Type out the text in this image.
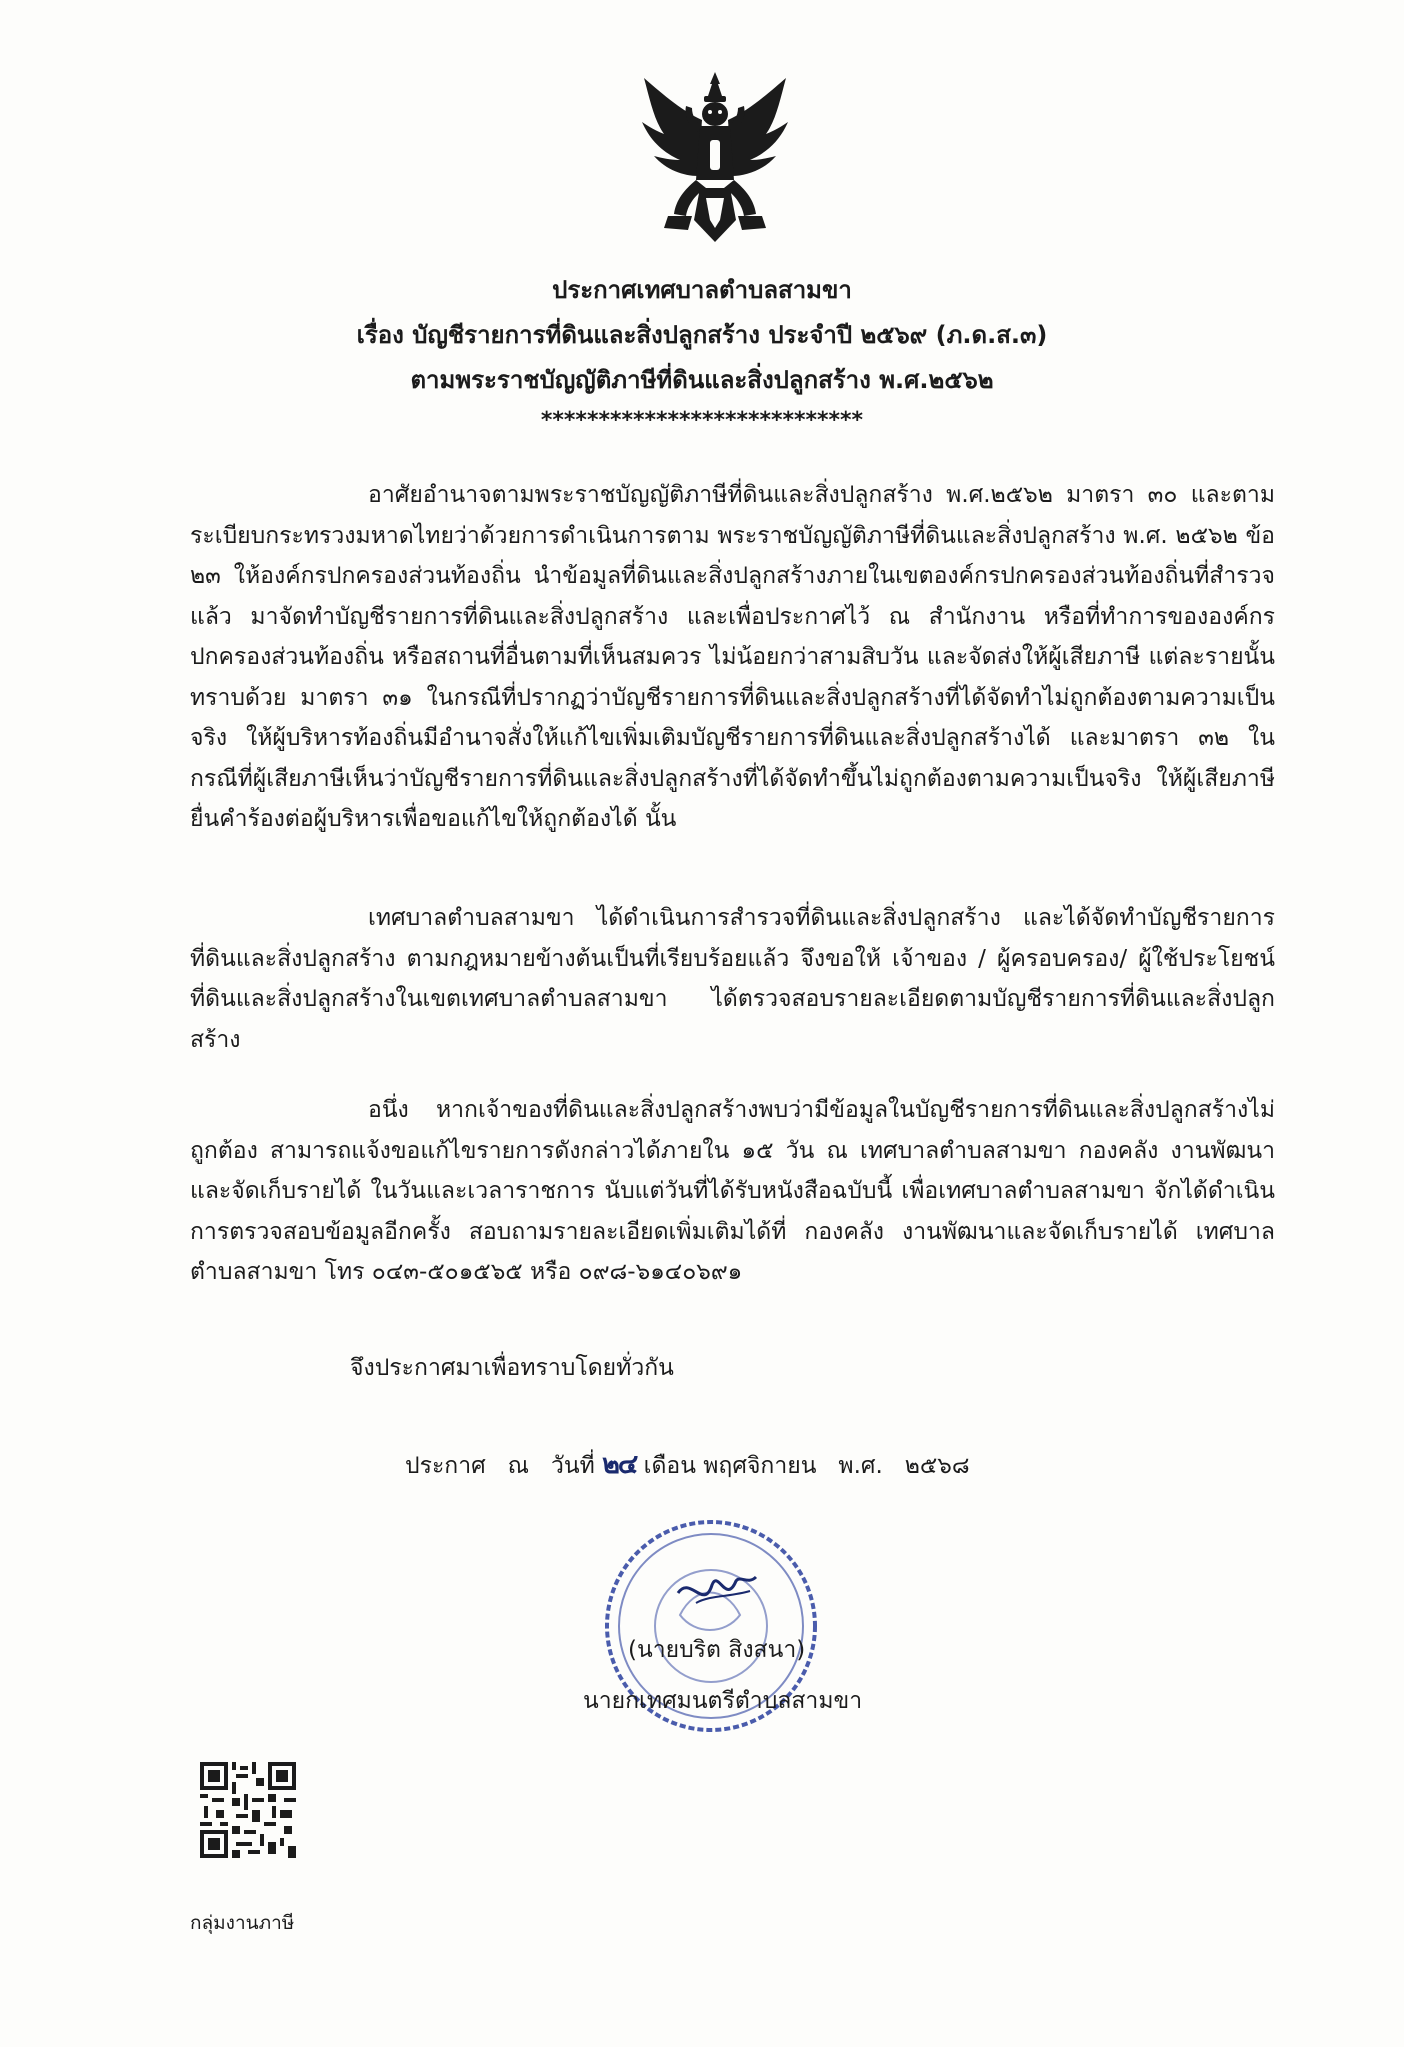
ประกาศเทศบาลตำบลสามขา
เรื่อง บัญชีรายการที่ดินและสิ่งปลูกสร้าง ประจำปี ๒๕๖๙ (ภ.ด.ส.๓)
ตามพระราชบัญญัติภาษีที่ดินและสิ่งปลูกสร้าง พ.ศ.๒๕๖๒
****************************
อาศัยอำนาจตามพระราชบัญญัติภาษีที่ดินและสิ่งปลูกสร้าง พ.ศ.๒๕๖๒ มาตรา ๓๐ และตามระเบียบกระทรวงมหาดไทยว่าด้วยการดำเนินการตาม พระราชบัญญัติภาษีที่ดินและสิ่งปลูกสร้าง พ.ศ. ๒๕๖๒ ข้อ ๒๓ ให้องค์กรปกครองส่วนท้องถิ่น นำข้อมูลที่ดินและสิ่งปลูกสร้างภายในเขตองค์กรปกครองส่วนท้องถิ่นที่สำรวจแล้ว มาจัดทำบัญชีรายการที่ดินและสิ่งปลูกสร้าง และเพื่อประกาศไว้ ณ สำนักงาน หรือที่ทำการขององค์กรปกครองส่วนท้องถิ่น หรือสถานที่อื่นตามที่เห็นสมควร ไม่น้อยกว่าสามสิบวัน และจัดส่งให้ผู้เสียภาษี แต่ละรายนั้นทราบด้วย มาตรา ๓๑ ในกรณีที่ปรากฏว่าบัญชีรายการที่ดินและสิ่งปลูกสร้างที่ได้จัดทำไม่ถูกต้องตามความเป็นจริง ให้ผู้บริหารท้องถิ่นมีอำนาจสั่งให้แก้ไขเพิ่มเติมบัญชีรายการที่ดินและสิ่งปลูกสร้างได้ และมาตรา ๓๒ ในกรณีที่ผู้เสียภาษีเห็นว่าบัญชีรายการที่ดินและสิ่งปลูกสร้างที่ได้จัดทำขึ้นไม่ถูกต้องตามความเป็นจริง ให้ผู้เสียภาษียื่นคำร้องต่อผู้บริหารเพื่อขอแก้ไขให้ถูกต้องได้ นั้น
เทศบาลตำบลสามขา ได้ดำเนินการสำรวจที่ดินและสิ่งปลูกสร้าง และได้จัดทำบัญชีรายการที่ดินและสิ่งปลูกสร้าง ตามกฎหมายข้างต้นเป็นที่เรียบร้อยแล้ว จึงขอให้ เจ้าของ / ผู้ครอบครอง/ ผู้ใช้ประโยชน์ ที่ดินและสิ่งปลูกสร้างในเขตเทศบาลตำบลสามขา ได้ตรวจสอบรายละเอียดตามบัญชีรายการที่ดินและสิ่งปลูกสร้าง
อนึ่ง หากเจ้าของที่ดินและสิ่งปลูกสร้างพบว่ามีข้อมูลในบัญชีรายการที่ดินและสิ่งปลูกสร้างไม่ถูกต้อง สามารถแจ้งขอแก้ไขรายการดังกล่าวได้ภายใน ๑๕ วัน ณ เทศบาลตำบลสามขา กองคลัง งานพัฒนาและจัดเก็บรายได้ ในวันและเวลาราชการ นับแต่วันที่ได้รับหนังสือฉบับนี้ เพื่อเทศบาลตำบลสามขา จักได้ดำเนินการตรวจสอบข้อมูลอีกครั้ง สอบถามรายละเอียดเพิ่มเติมได้ที่ กองคลัง งานพัฒนาและจัดเก็บรายได้ เทศบาลตำบลสามขา โทร ๐๔๓-๕๐๑๕๖๕ หรือ ๐๙๘-๖๑๔๐๖๙๑
จึงประกาศมาเพื่อทราบโดยทั่วกัน
ประกาศ   ณ   วันที่ ๒๔ เดือน พฤศจิกายน พ.ศ. ๒๕๖๘
(นายบริต สิงสนา)
นายกเทศมนตรีตำบลสามขา
กลุ่มงานภาษี
